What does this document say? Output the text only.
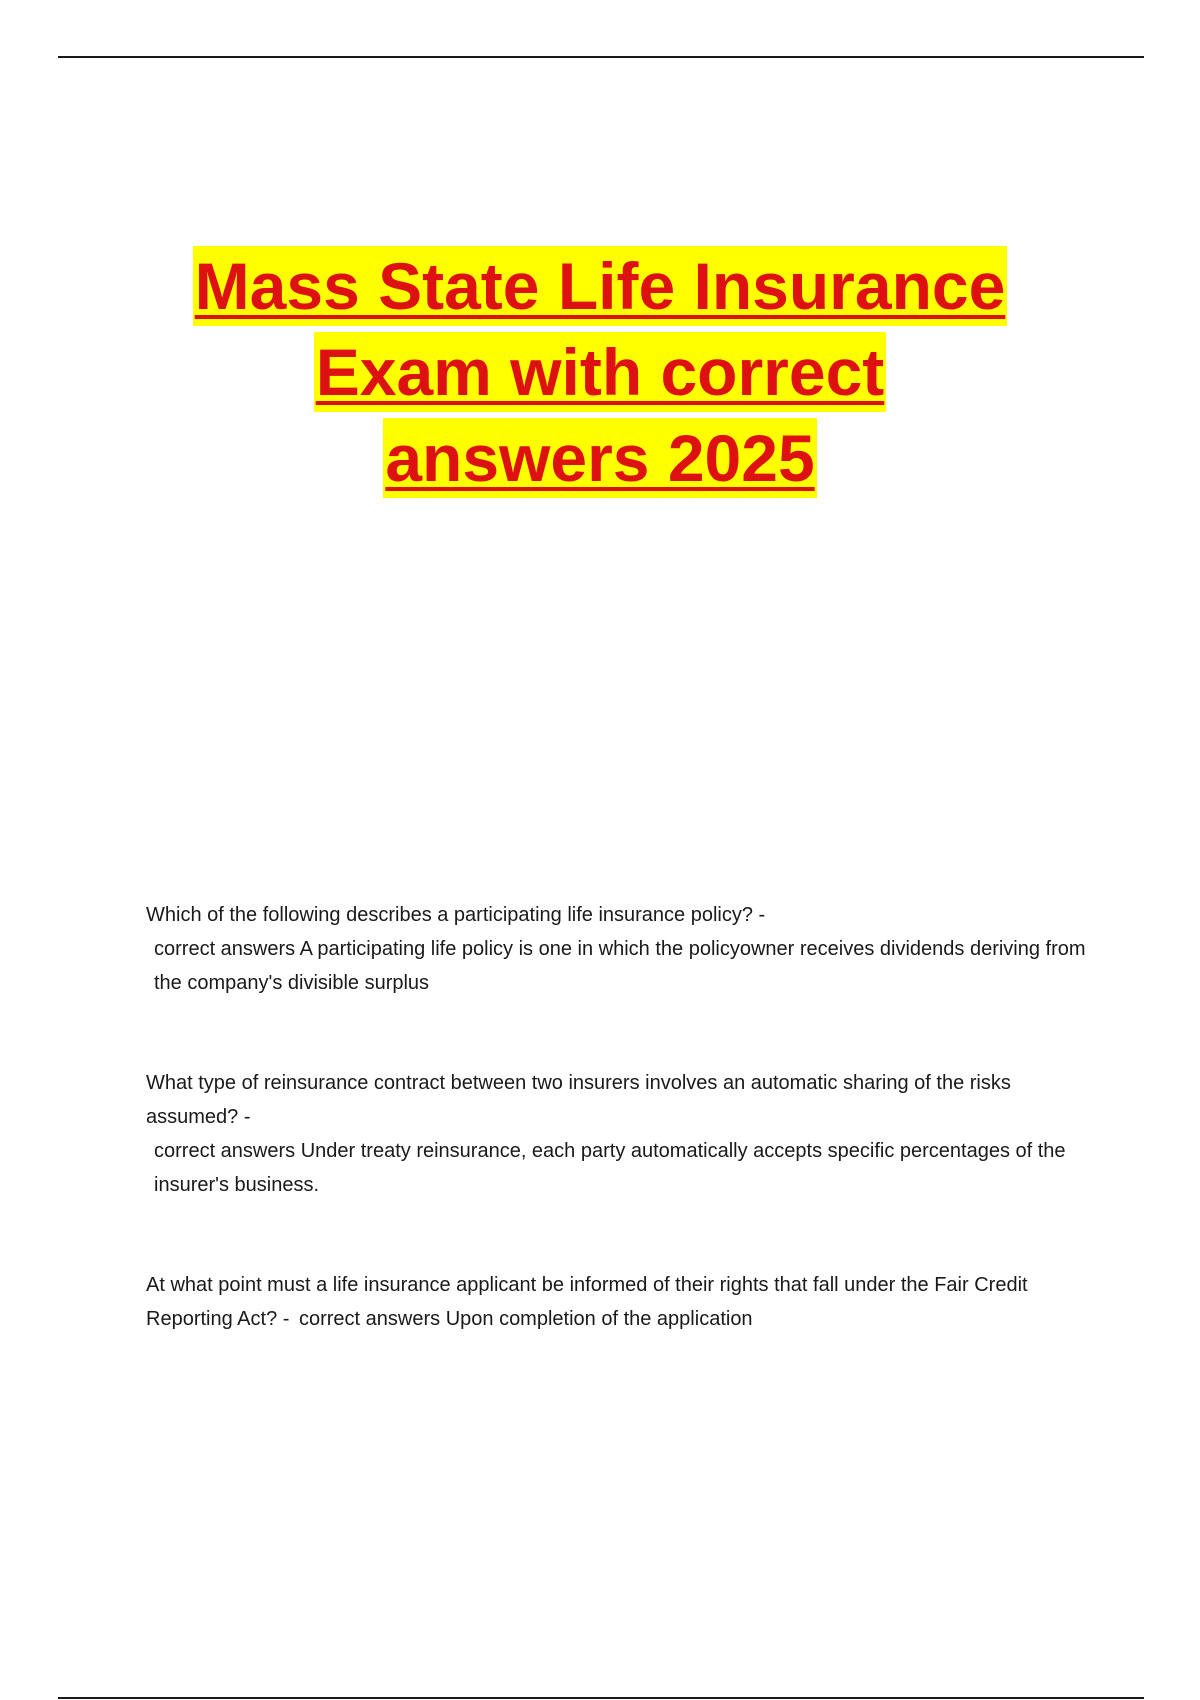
Mass State Life Insurance
Exam with correct
answers 2025
Which of the following describes a participating life insurance policy? -
correct answers A participating life policy is one in which the policyowner receives dividends deriving from the company's divisible surplus
What type of reinsurance contract between two insurers involves an automatic sharing of the risks assumed? -
correct answers Under treaty reinsurance, each party automatically accepts specific percentages of the insurer's business.
At what point must a life insurance applicant be informed of their rights that fall under the Fair Credit Reporting Act? - correct answers Upon completion of the application
